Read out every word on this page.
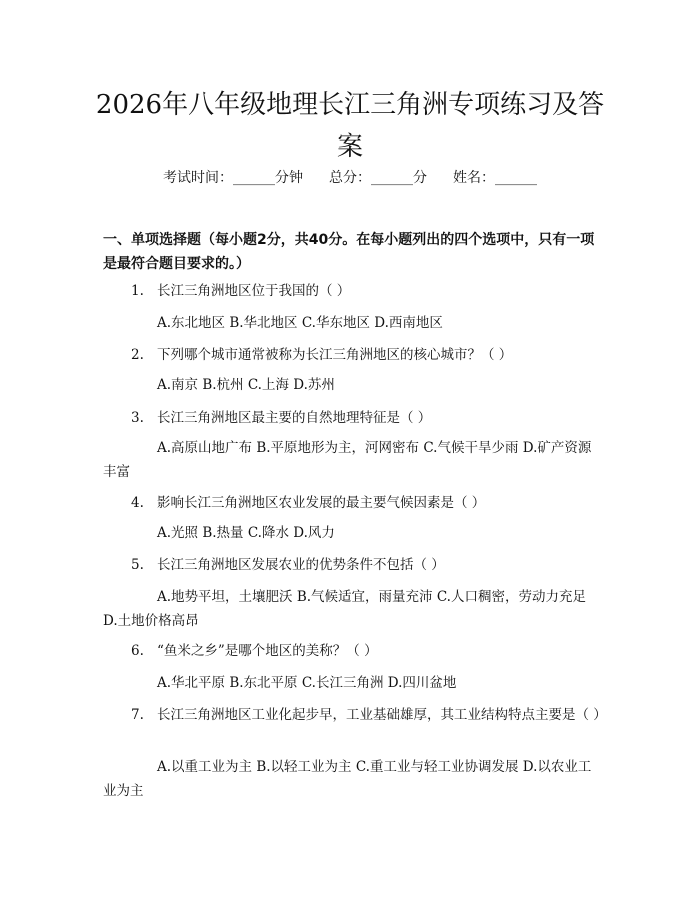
2026年八年级地理长江三角洲专项练习及答案
考试时间：______分钟 总分：______分 姓名：______
一、单项选择题（每小题2分，共40分。在每小题列出的四个选项中，只有一项是最符合题目要求的。）
1. 长江三角洲地区位于我国的（ ）
A.东北地区 B.华北地区 C.华东地区 D.西南地区
2. 下列哪个城市通常被称为长江三角洲地区的核心城市？（ ）
A.南京 B.杭州 C.上海 D.苏州
3. 长江三角洲地区最主要的自然地理特征是（ ）
A.高原山地广布 B.平原地形为主，河网密布 C.气候干旱少雨 D.矿产资源丰富
4. 影响长江三角洲地区农业发展的最主要气候因素是（ ）
A.光照 B.热量 C.降水 D.风力
5. 长江三角洲地区发展农业的优势条件不包括（ ）
A.地势平坦，土壤肥沃 B.气候适宜，雨量充沛 C.人口稠密，劳动力充足 D.土地价格高昂
6. “鱼米之乡”是哪个地区的美称？（ ）
A.华北平原 B.东北平原 C.长江三角洲 D.四川盆地
7. 长江三角洲地区工业化起步早，工业基础雄厚，其工业结构特点主要是（ ）
A.以重工业为主 B.以轻工业为主 C.重工业与轻工业协调发展 D.以农业工业为主
